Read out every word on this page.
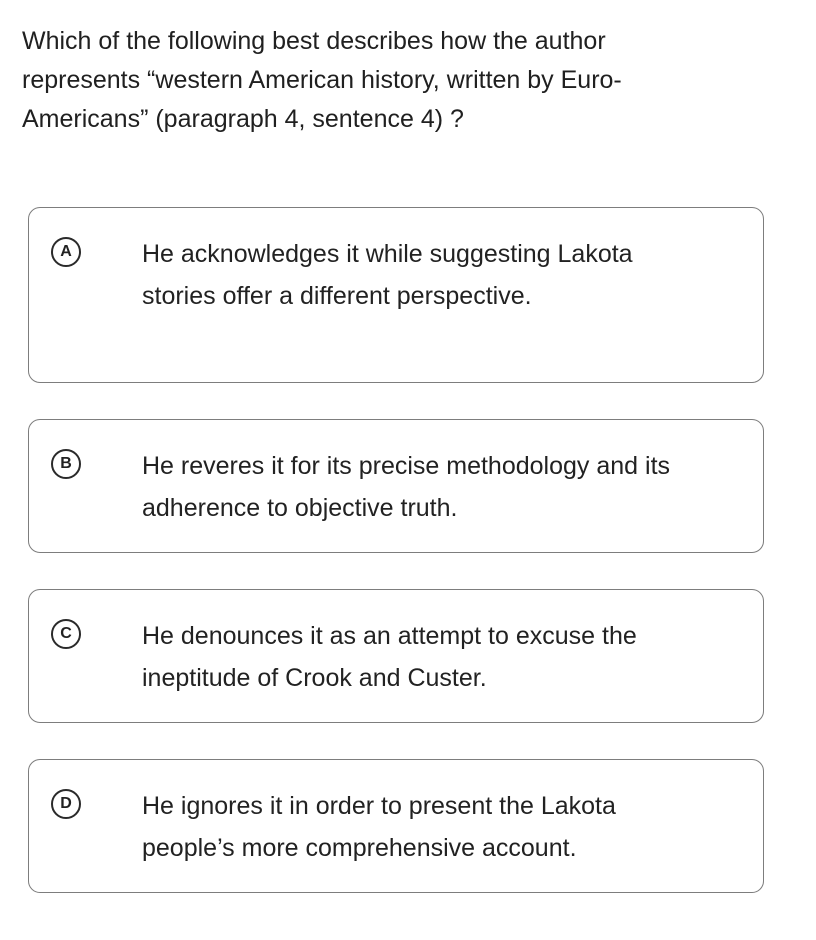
Which of the following best describes how the author represents “western American history, written by Euro-Americans” (paragraph 4, sentence 4) ?
A	He acknowledges it while suggesting Lakota stories offer a different perspective.
B	He reveres it for its precise methodology and its adherence to objective truth.
C	He denounces it as an attempt to excuse the ineptitude of Crook and Custer.
D	He ignores it in order to present the Lakota people’s more comprehensive account.
